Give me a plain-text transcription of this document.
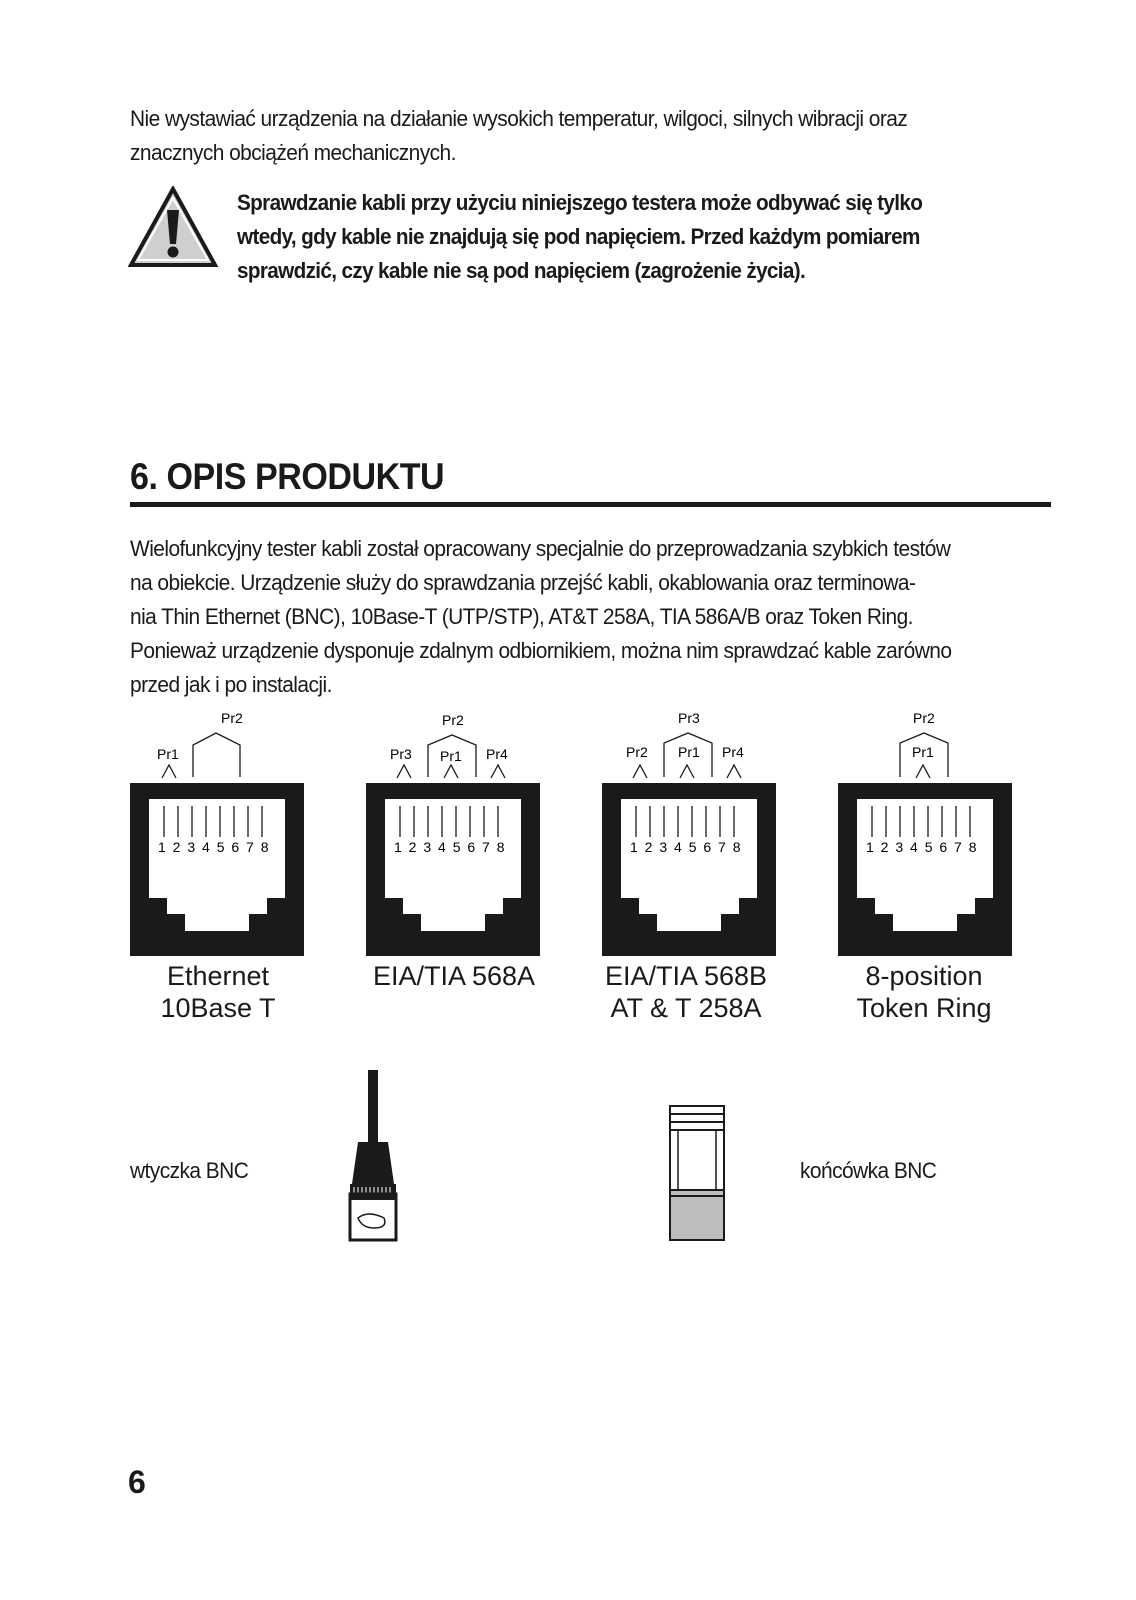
Nie wystawiać urządzenia na działanie wysokich temperatur, wilgoci, silnych wibracji oraz
znacznych obciążeń mechanicznych.

Sprawdzanie kabli przy użyciu niniejszego testera może odbywać się tylko
wtedy, gdy kable nie znajdują się pod napięciem. Przed każdym pomiarem
sprawdzić, czy kable nie są pod napięciem (zagrożenie życia).

6. OPIS PRODUKTU

Wielofunkcyjny tester kabli został opracowany specjalnie do przeprowadzania szybkich testów
na obiekcie. Urządzenie służy do sprawdzania przejść kabli, okablowania oraz terminowa-
nia Thin Ethernet (BNC), 10Base-T (UTP/STP), AT&T 258A, TIA 586A/B oraz Token Ring.
Ponieważ urządzenie dysponuje zdalnym odbiornikiem, można nim sprawdzać kable zarówno
przed jak i po instalacji.

Pr2
Pr1
1 2 3 4 5 6 7 8
Ethernet
10Base T
Pr2
Pr3 Pr1 Pr4
1 2 3 4 5 6 7 8
EIA/TIA 568A
Pr3
Pr2 Pr1 Pr4
1 2 3 4 5 6 7 8
EIA/TIA 568B
AT & T 258A
Pr2
Pr1
1 2 3 4 5 6 7 8
8-position
Token Ring
wtyczka BNC	końcówka BNC
6
